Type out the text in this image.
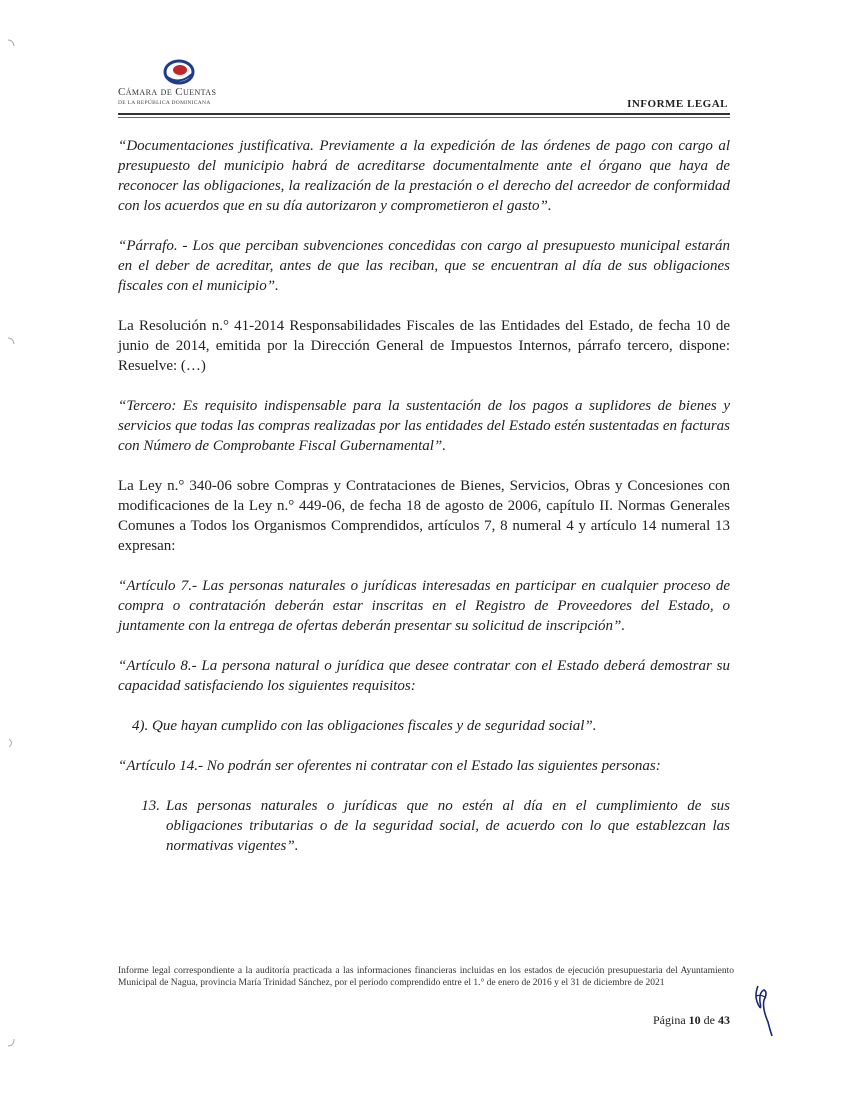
Cámara de Cuentas
DE LA REPÚBLICA DOMINICANA	INFORME LEGAL

“Documentaciones justificativa. Previamente a la expedición de las órdenes de pago con cargo al presupuesto del municipio habrá de acreditarse documentalmente ante el órgano que haya de reconocer las obligaciones, la realización de la prestación o el derecho del acreedor de conformidad con los acuerdos que en su día autorizaron y comprometieron el gasto”.

“Párrafo. - Los que perciban subvenciones concedidas con cargo al presupuesto municipal estarán en el deber de acreditar, antes de que las reciban, que se encuentran al día de sus obligaciones fiscales con el municipio”.

La Resolución n.° 41-2014 Responsabilidades Fiscales de las Entidades del Estado, de fecha 10 de junio de 2014, emitida por la Dirección General de Impuestos Internos, párrafo tercero, dispone: Resuelve: (…)

“Tercero: Es requisito indispensable para la sustentación de los pagos a suplidores de bienes y servicios que todas las compras realizadas por las entidades del Estado estén sustentadas en facturas con Número de Comprobante Fiscal Gubernamental”.

La Ley n.° 340-06 sobre Compras y Contrataciones de Bienes, Servicios, Obras y Concesiones con modificaciones de la Ley n.° 449-06, de fecha 18 de agosto de 2006, capítulo II. Normas Generales Comunes a Todos los Organismos Comprendidos, artículos 7, 8 numeral 4 y artículo 14 numeral 13 expresan:

“Artículo 7.- Las personas naturales o jurídicas interesadas en participar en cualquier proceso de compra o contratación deberán estar inscritas en el Registro de Proveedores del Estado, o juntamente con la entrega de ofertas deberán presentar su solicitud de inscripción”.

“Artículo 8.- La persona natural o jurídica que desee contratar con el Estado deberá demostrar su capacidad satisfaciendo los siguientes requisitos:

4). Que hayan cumplido con las obligaciones fiscales y de seguridad social”.

“Artículo 14.- No podrán ser oferentes ni contratar con el Estado las siguientes personas:

13. Las personas naturales o jurídicas que no estén al día en el cumplimiento de sus obligaciones tributarias o de la seguridad social, de acuerdo con lo que establezcan las normativas vigentes”.
Informe legal correspondiente a la auditoría practicada a las informaciones financieras incluidas en los estados de ejecución presupuestaria del Ayuntamiento Municipal de Nagua, provincia María Trinidad Sánchez, por el período comprendido entre el 1.° de enero de 2016 y el 31 de diciembre de 2021
Página 10 de 43
